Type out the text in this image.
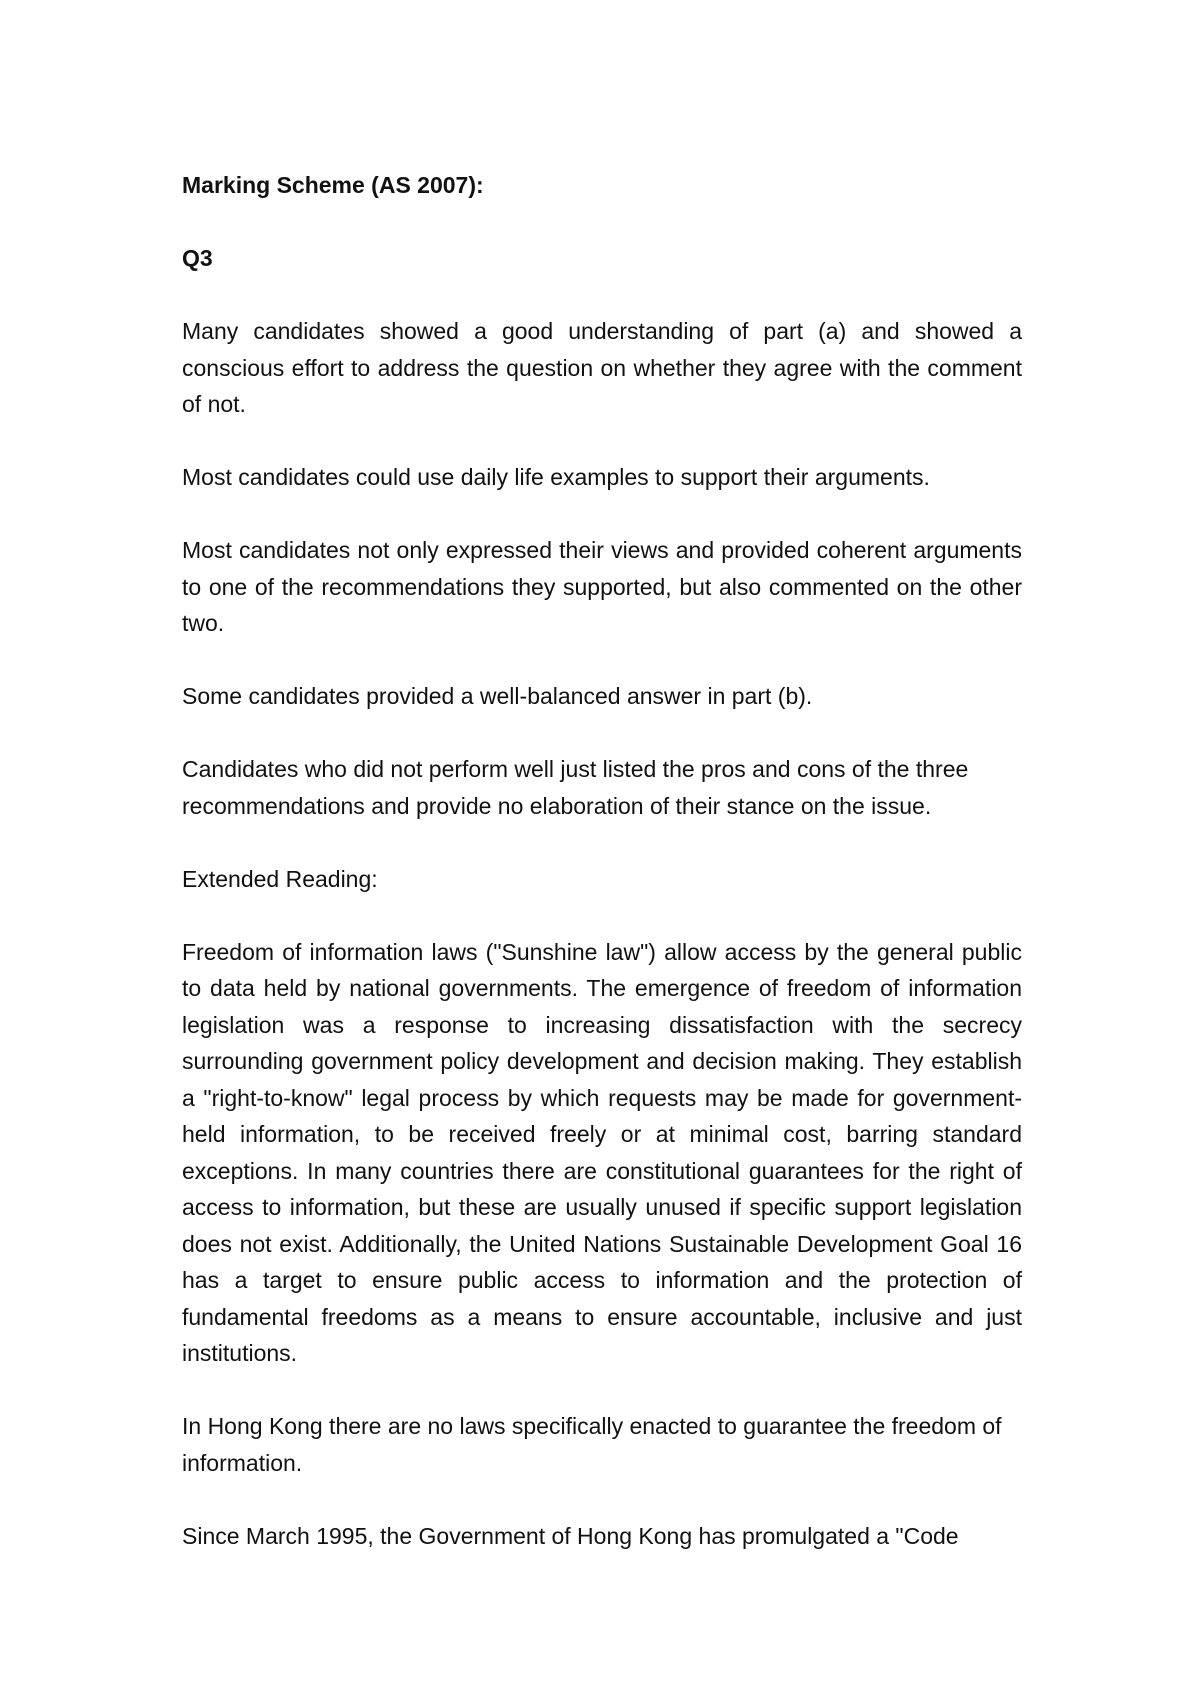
Marking Scheme (AS 2007):

Q3

Many candidates showed a good understanding of part (a) and showed a conscious effort to address the question on whether they agree with the comment of not.

Most candidates could use daily life examples to support their arguments.

Most candidates not only expressed their views and provided coherent arguments to one of the recommendations they supported, but also commented on the other two.

Some candidates provided a well-balanced answer in part (b).

Candidates who did not perform well just listed the pros and cons of the three recommendations and provide no elaboration of their stance on the issue.

Extended Reading:

Freedom of information laws ("Sunshine law") allow access by the general public to data held by national governments. The emergence of freedom of information legislation was a response to increasing dissatisfaction with the secrecy surrounding government policy development and decision making. They establish a "right-to-know" legal process by which requests may be made for government-held information, to be received freely or at minimal cost, barring standard exceptions. In many countries there are constitutional guarantees for the right of access to information, but these are usually unused if specific support legislation does not exist. Additionally, the United Nations Sustainable Development Goal 16 has a target to ensure public access to information and the protection of fundamental freedoms as a means to ensure accountable, inclusive and just institutions.

In Hong Kong there are no laws specifically enacted to guarantee the freedom of information.

Since March 1995, the Government of Hong Kong has promulgated a "Code
